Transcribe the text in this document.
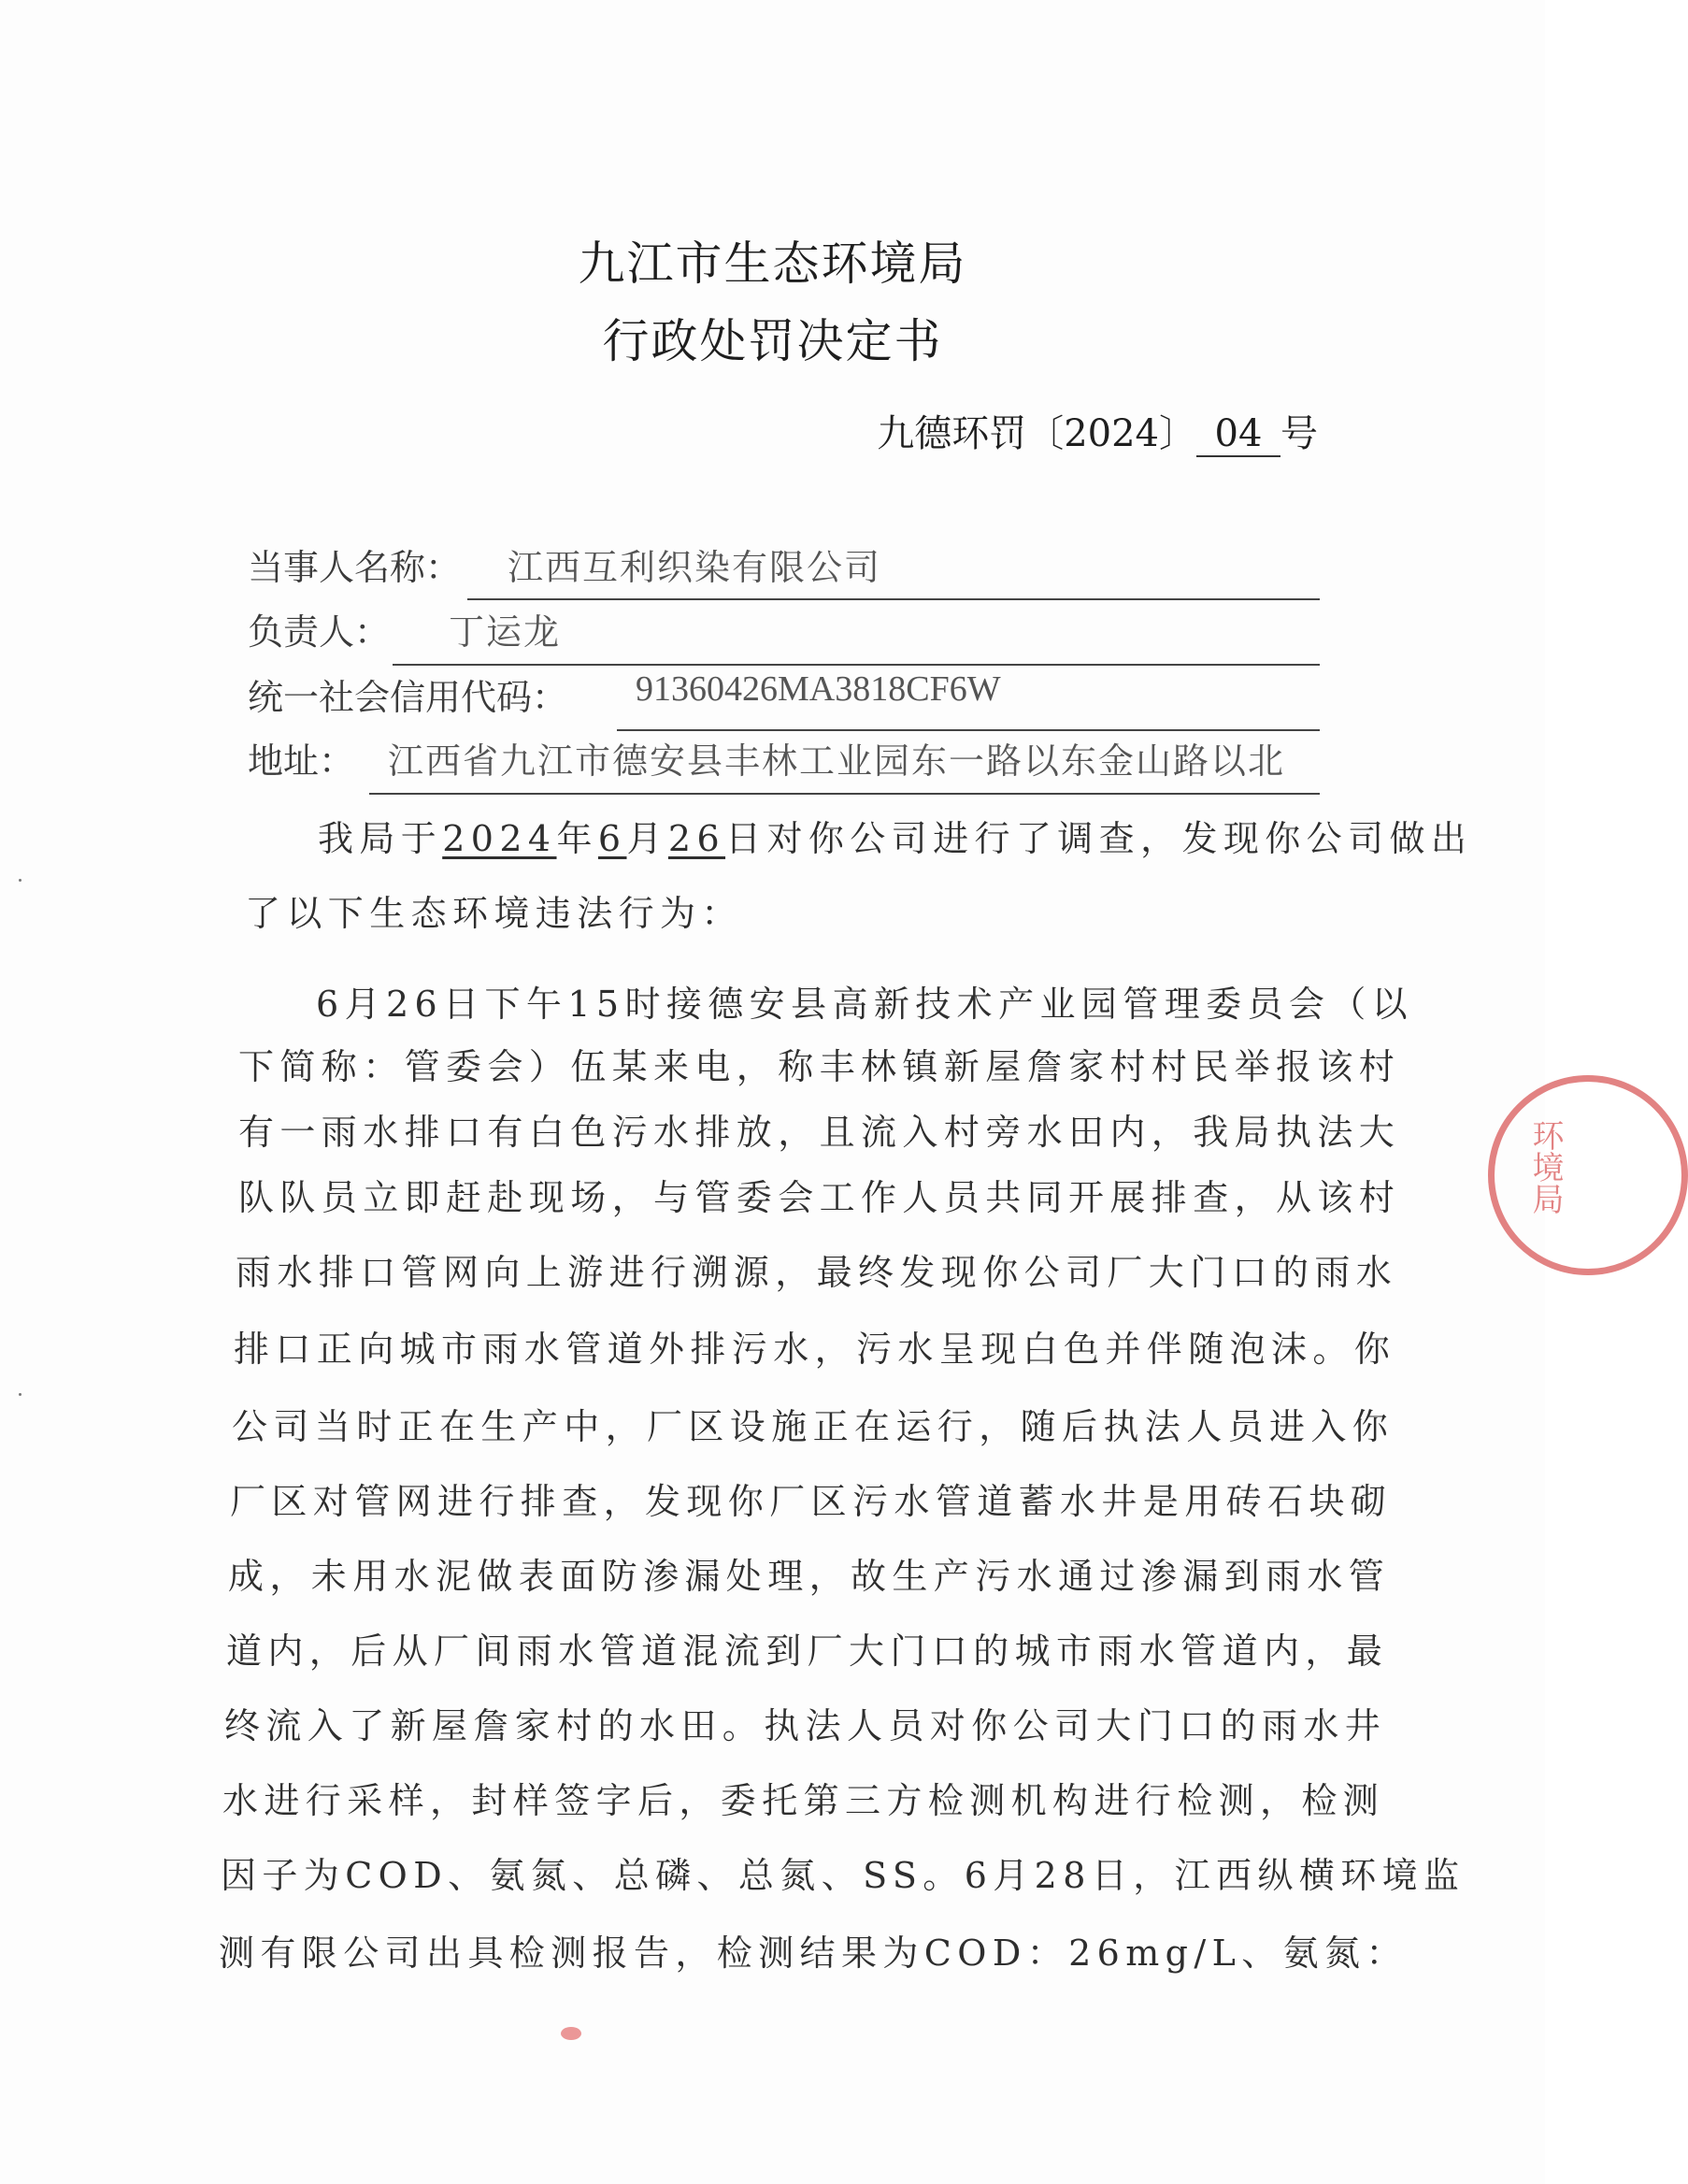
九江市生态环境局
行政处罚决定书
九德环罚〔2024〕 04 号
当事人名称： 江西互利织染有限公司
负责人： 丁运龙
统一社会信用代码： 91360426MA3818CF6W
地址： 江西省九江市德安县丰林工业园东一路以东金山路以北
我局于2024年6月26日对你公司进行了调查，发现你公司做出
了以下生态环境违法行为：
6月26日下午15时接德安县高新技术产业园管理委员会（以
下简称：管委会）伍某来电，称丰林镇新屋詹家村村民举报该村
有一雨水排口有白色污水排放，且流入村旁水田内，我局执法大
队队员立即赶赴现场，与管委会工作人员共同开展排查，从该村
雨水排口管网向上游进行溯源，最终发现你公司厂大门口的雨水
排口正向城市雨水管道外排污水，污水呈现白色并伴随泡沫。你
公司当时正在生产中，厂区设施正在运行，随后执法人员进入你
厂区对管网进行排查，发现你厂区污水管道蓄水井是用砖石块砌
成，未用水泥做表面防渗漏处理，故生产污水通过渗漏到雨水管
道内，后从厂间雨水管道混流到厂大门口的城市雨水管道内，最
终流入了新屋詹家村的水田。执法人员对你公司大门口的雨水井
水进行采样，封样签字后，委托第三方检测机构进行检测，检测
因子为COD、氨氮、总磷、总氮、SS。6月28日，江西纵横环境监
测有限公司出具检测报告，检测结果为COD：26mg/L、氨氮：
环境局
